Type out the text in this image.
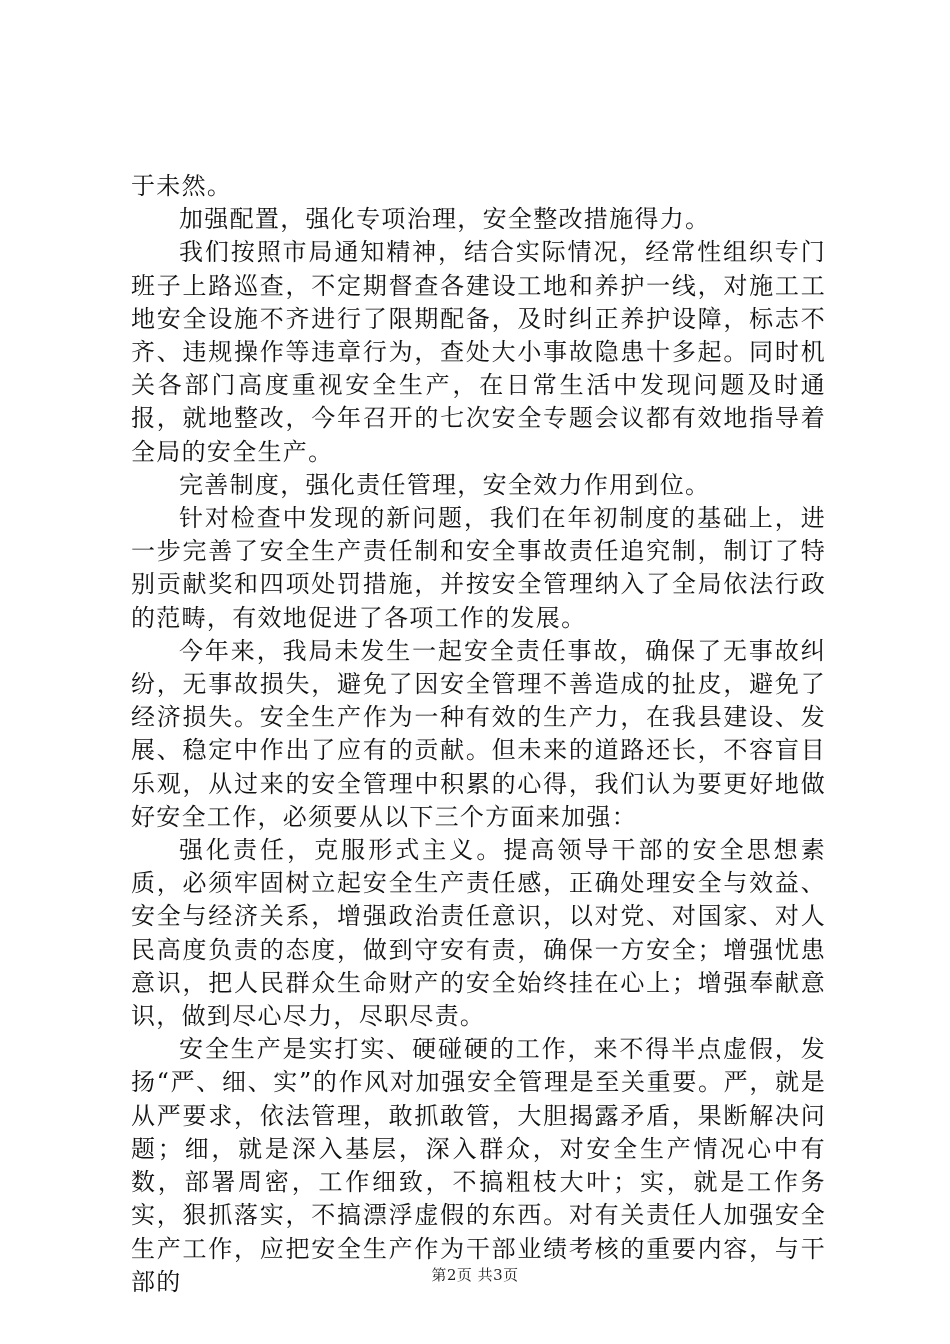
于未然。

加强配置，强化专项治理，安全整改措施得力。

我们按照市局通知精神，结合实际情况，经常性组织专门班子上路巡查，不定期督查各建设工地和养护一线，对施工工地安全设施不齐进行了限期配备，及时纠正养护设障，标志不齐、违规操作等违章行为，查处大小事故隐患十多起。同时机关各部门高度重视安全生产，在日常生活中发现问题及时通报，就地整改，今年召开的七次安全专题会议都有效地指导着全局的安全生产。

完善制度，强化责任管理，安全效力作用到位。

针对检查中发现的新问题，我们在年初制度的基础上，进一步完善了安全生产责任制和安全事故责任追究制，制订了特别贡献奖和四项处罚措施，并按安全管理纳入了全局依法行政的范畴，有效地促进了各项工作的发展。

今年来，我局未发生一起安全责任事故，确保了无事故纠纷，无事故损失，避免了因安全管理不善造成的扯皮，避免了经济损失。安全生产作为一种有效的生产力，在我县建设、发展、稳定中作出了应有的贡献。但未来的道路还长，不容盲目乐观，从过来的安全管理中积累的心得，我们认为要更好地做好安全工作，必须要从以下三个方面来加强：

强化责任，克服形式主义。提高领导干部的安全思想素质，必须牢固树立起安全生产责任感，正确处理安全与效益、安全与经济关系，增强政治责任意识，以对党、对国家、对人民高度负责的态度，做到守安有责，确保一方安全；增强忧患意识，把人民群众生命财产的安全始终挂在心上；增强奉献意识，做到尽心尽力，尽职尽责。

安全生产是实打实、硬碰硬的工作，来不得半点虚假，发扬“严、细、实”的作风对加强安全管理是至关重要。严，就是从严要求，依法管理，敢抓敢管，大胆揭露矛盾，果断解决问题；细，就是深入基层，深入群众，对安全生产情况心中有数，部署周密，工作细致，不搞粗枝大叶；实，就是工作务实，狠抓落实，不搞漂浮虚假的东西。对有关责任人加强安全生产工作，应把安全生产作为干部业绩考核的重要内容，与干部的	第2页 共3页
